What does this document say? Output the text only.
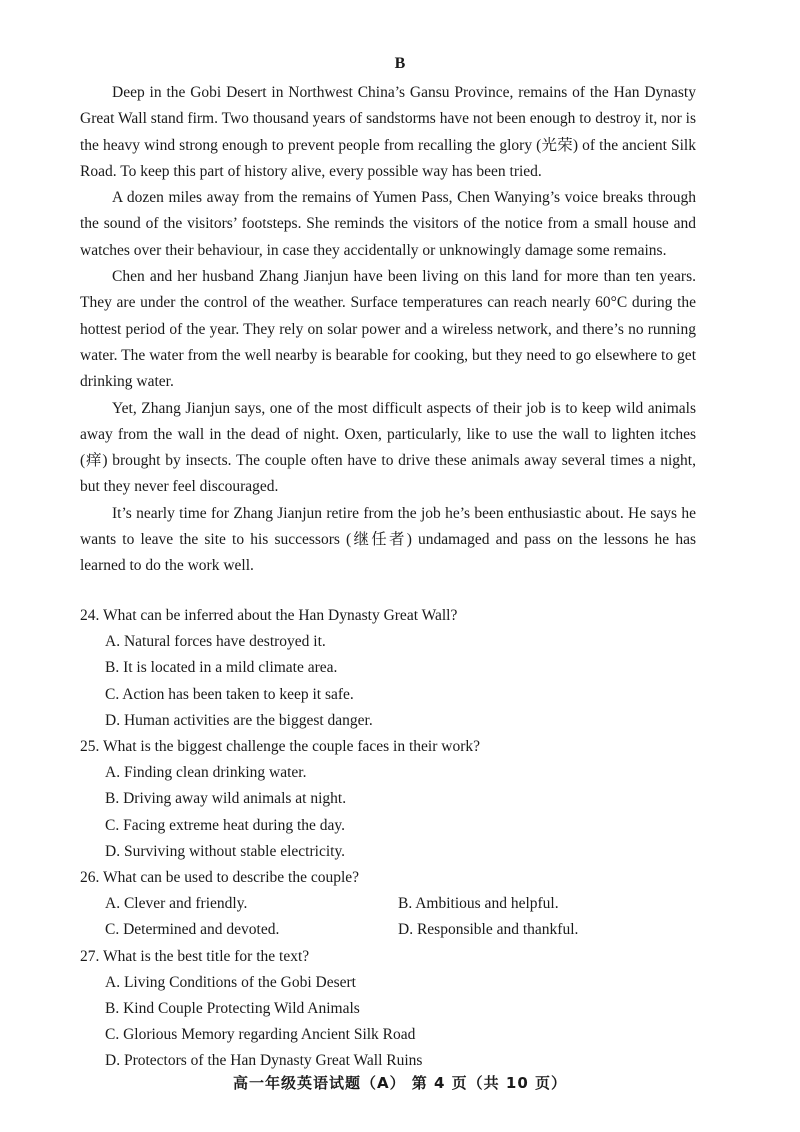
B

Deep in the Gobi Desert in Northwest China’s Gansu Province, remains of the Han Dynasty Great Wall stand firm. Two thousand years of sandstorms have not been enough to destroy it, nor is the heavy wind strong enough to prevent people from recalling the glory (光荣) of the ancient Silk Road. To keep this part of history alive, every possible way has been tried.

A dozen miles away from the remains of Yumen Pass, Chen Wanying’s voice breaks through the sound of the visitors’ footsteps. She reminds the visitors of the notice from a small house and watches over their behaviour, in case they accidentally or unknowingly damage some remains.

Chen and her husband Zhang Jianjun have been living on this land for more than ten years. They are under the control of the weather. Surface temperatures can reach nearly 60°C during the hottest period of the year. They rely on solar power and a wireless network, and there’s no running water. The water from the well nearby is bearable for cooking, but they need to go elsewhere to get drinking water.

Yet, Zhang Jianjun says, one of the most difficult aspects of their job is to keep wild animals away from the wall in the dead of night. Oxen, particularly, like to use the wall to lighten itches (痒) brought by insects. The couple often have to drive these animals away several times a night, but they never feel discouraged.

It’s nearly time for Zhang Jianjun retire from the job he’s been enthusiastic about. He says he wants to leave the site to his successors (继任者) undamaged and pass on the lessons he has learned to do the work well.

24. What can be inferred about the Han Dynasty Great Wall?

A. Natural forces have destroyed it.

B. It is located in a mild climate area.

C. Action has been taken to keep it safe.

D. Human activities are the biggest danger.

25. What is the biggest challenge the couple faces in their work?

A. Finding clean drinking water.

B. Driving away wild animals at night.

C. Facing extreme heat during the day.

D. Surviving without stable electricity.

26. What can be used to describe the couple?

A. Clever and friendly.	B. Ambitious and helpful.

C. Determined and devoted.	D. Responsible and thankful.

27. What is the best title for the text?

A. Living Conditions of the Gobi Desert

B. Kind Couple Protecting Wild Animals

C. Glorious Memory regarding Ancient Silk Road

D. Protectors of the Han Dynasty Great Wall Ruins

高一年级英语试题（A） 第 4 页（共 10 页）
